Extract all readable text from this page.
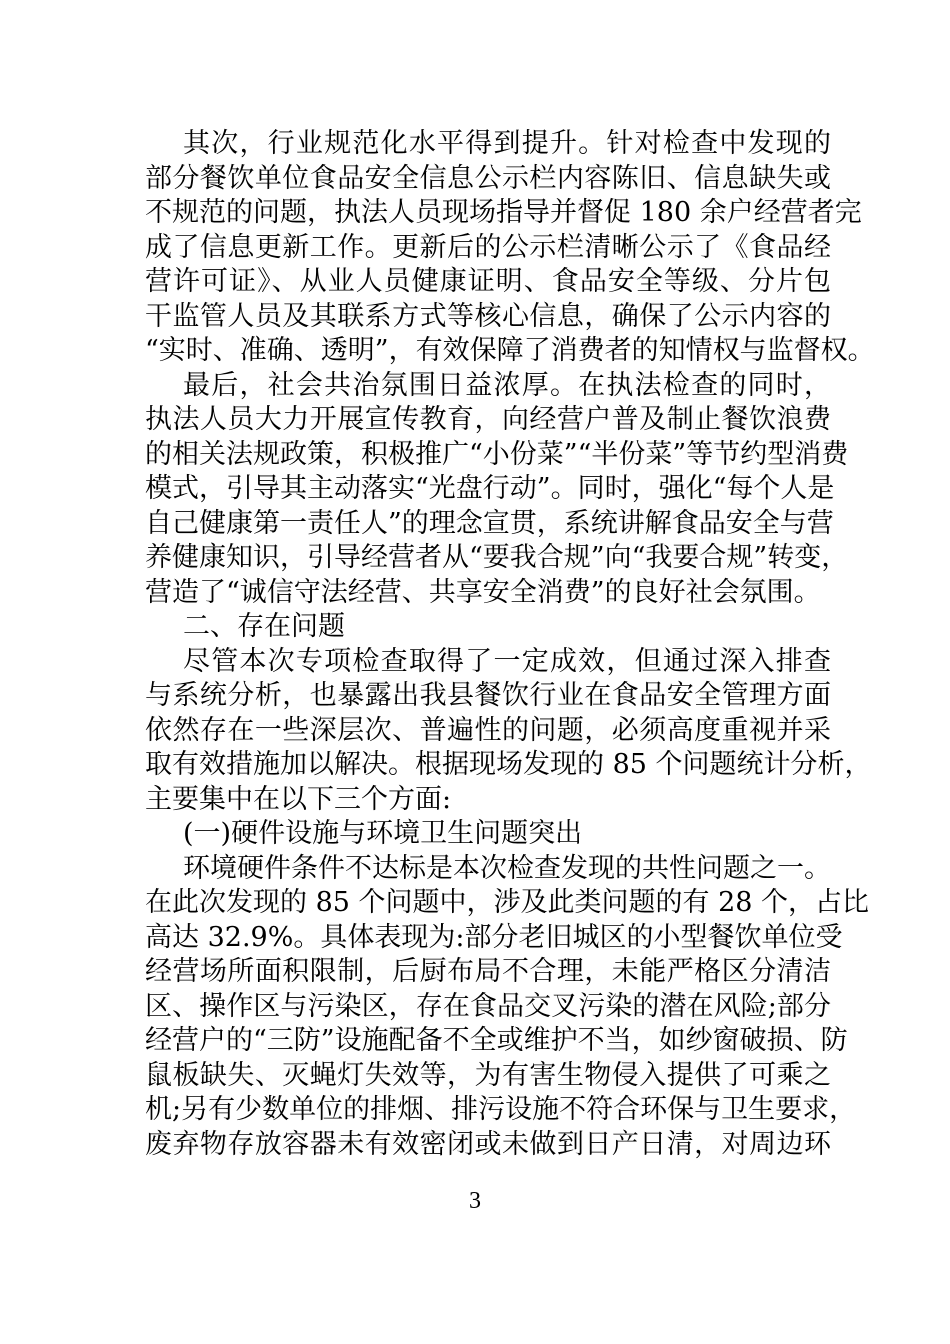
其次，行业规范化水平得到提升。针对检查中发现的
部分餐饮单位食品安全信息公示栏内容陈旧、信息缺失或
不规范的问题，执法人员现场指导并督促 180 余户经营者完
成了信息更新工作。更新后的公示栏清晰公示了《食品经
营许可证》、从业人员健康证明、食品安全等级、分片包
干监管人员及其联系方式等核心信息，确保了公示内容的
“实时、准确、透明”，有效保障了消费者的知情权与监督权。
最后，社会共治氛围日益浓厚。在执法检查的同时，
执法人员大力开展宣传教育，向经营户普及制止餐饮浪费
的相关法规政策，积极推广“小份菜”“半份菜”等节约型消费
模式，引导其主动落实“光盘行动”。同时，强化“每个人是
自己健康第一责任人”的理念宣贯，系统讲解食品安全与营
养健康知识，引导经营者从“要我合规”向“我要合规”转变，
营造了“诚信守法经营、共享安全消费”的良好社会氛围。
二、存在问题
尽管本次专项检查取得了一定成效，但通过深入排查
与系统分析，也暴露出我县餐饮行业在食品安全管理方面
依然存在一些深层次、普遍性的问题，必须高度重视并采
取有效措施加以解决。根据现场发现的 85 个问题统计分析，
主要集中在以下三个方面:
(一)硬件设施与环境卫生问题突出
环境硬件条件不达标是本次检查发现的共性问题之一。
在此次发现的 85 个问题中，涉及此类问题的有 28 个，占比
高达 32.9%。具体表现为:部分老旧城区的小型餐饮单位受
经营场所面积限制，后厨布局不合理，未能严格区分清洁
区、操作区与污染区，存在食品交叉污染的潜在风险;部分
经营户的“三防”设施配备不全或维护不当，如纱窗破损、防
鼠板缺失、灭蝇灯失效等，为有害生物侵入提供了可乘之
机;另有少数单位的排烟、排污设施不符合环保与卫生要求，
废弃物存放容器未有效密闭或未做到日产日清，对周边环
3
